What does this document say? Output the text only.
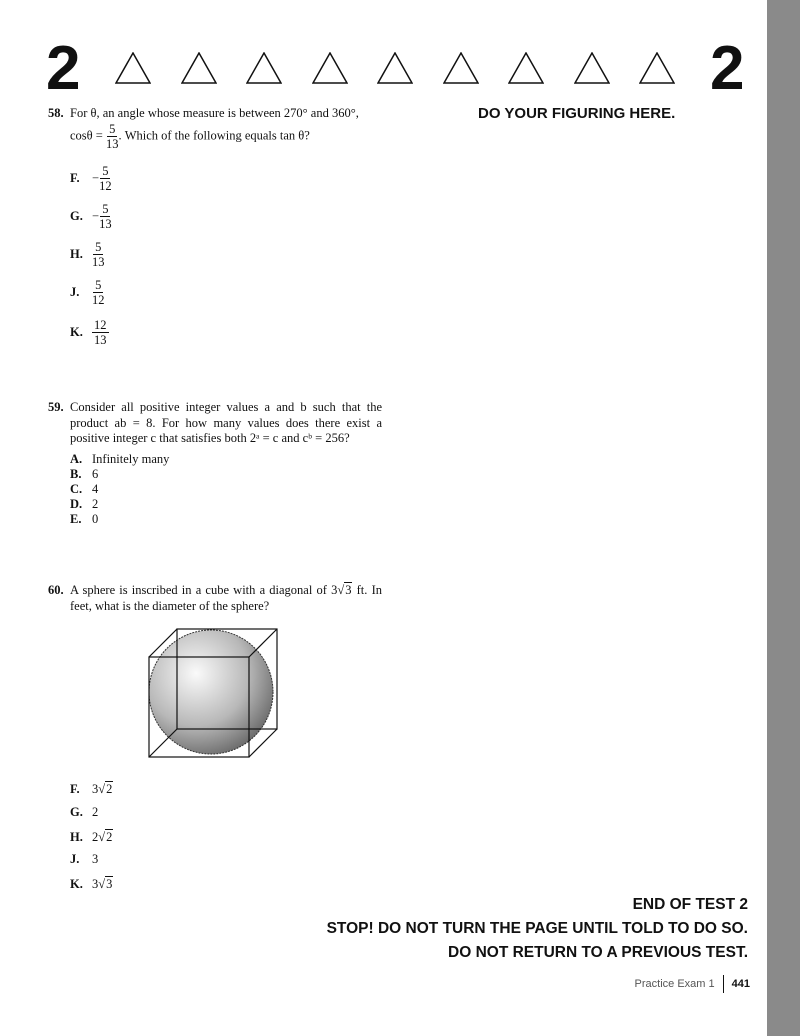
2	2
DO YOUR FIGURING HERE.
58. For θ, an angle whose measure is between 270° and 360°,
$\cos\theta = \frac{5}{13}$ . Which of the following equals tan θ?
F. − $\frac{5}{12}$
G. − $\frac{5}{13}$
H. $\frac{5}{13}$
J.	$\frac{5}{12}$
K. $\frac{12}{13}$
59. Consider all positive integer values a and b such that the product ab = 8. For how many values does there exist a positive integer c that satisfies both 2ᵃ = c and cᵇ = 256?
A. Infinitely many
B. 6
C. 4
D. 2
E. 0
60. A sphere is inscribed in a cube with a diagonal of 3√3 ft. In feet, what is the diameter of the sphere?
F. 3 √ 2
G. 2
H. 2 √ 2
J.	3
K. 3 √ 3
END OF TEST 2
STOP! DO NOT TURN THE PAGE UNTIL TOLD TO DO SO.
DO NOT RETURN TO A PREVIOUS TEST.
Practice Exam 1	441
